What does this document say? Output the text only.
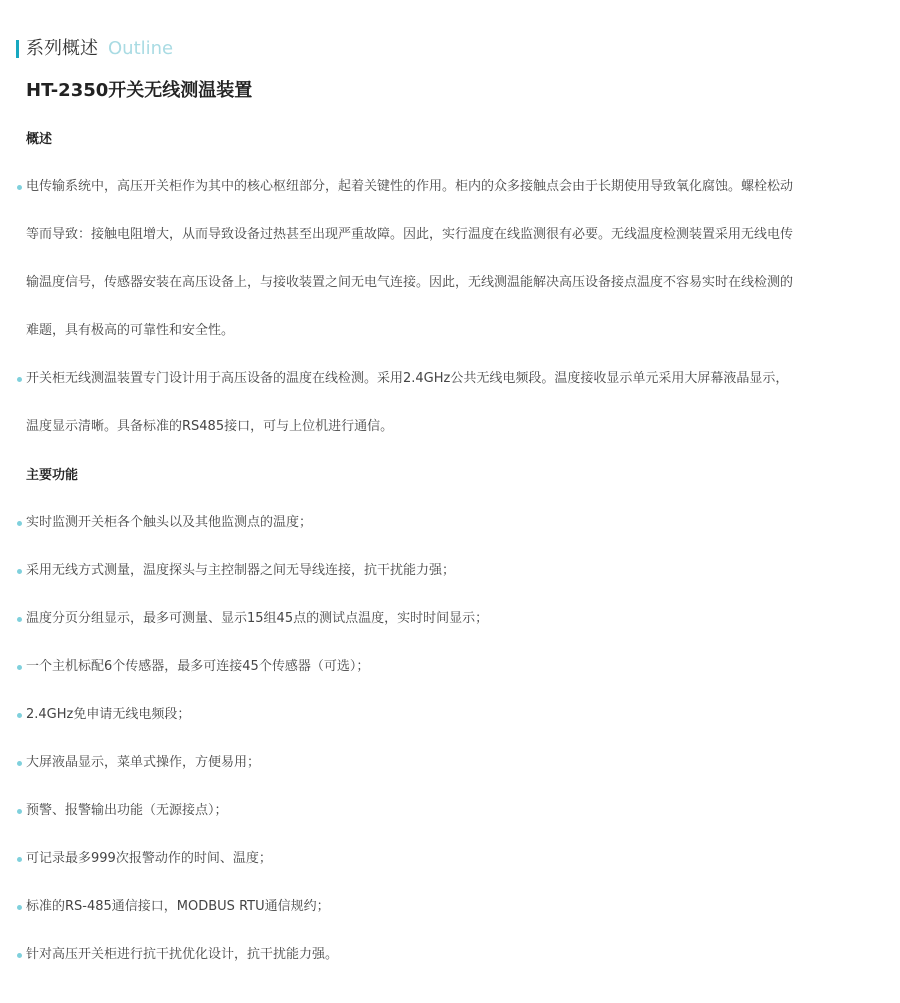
系列概述 Outline
HT-2350开关无线测温装置
概述
电传输系统中，高压开关柜作为其中的核心枢纽部分，起着关键性的作用。柜内的众多接触点会由于长期使用导致氧化腐蚀。螺栓松动
等而导致：接触电阻增大，从而导致设备过热甚至出现严重故障。因此，实行温度在线监测很有必要。无线温度检测装置采用无线电传
输温度信号，传感器安装在高压设备上，与接收装置之间无电气连接。因此，无线测温能解决高压设备接点温度不容易实时在线检测的
难题，具有极高的可靠性和安全性。
开关柜无线测温装置专门设计用于高压设备的温度在线检测。采用2.4GHz公共无线电频段。温度接收显示单元采用大屏幕液晶显示，
温度显示清晰。具备标准的RS485接口，可与上位机进行通信。
主要功能
实时监测开关柜各个触头以及其他监测点的温度；
采用无线方式测量，温度探头与主控制器之间无导线连接，抗干扰能力强；
温度分页分组显示，最多可测量、显示15组45点的测试点温度，实时时间显示；
一个主机标配6个传感器，最多可连接45个传感器（可选）；
2.4GHz免申请无线电频段；
大屏液晶显示，菜单式操作，方便易用；
预警、报警输出功能（无源接点）；
可记录最多999次报警动作的时间、温度；
标准的RS-485通信接口，MODBUS RTU通信规约；
针对高压开关柜进行抗干扰优化设计，抗干扰能力强。
